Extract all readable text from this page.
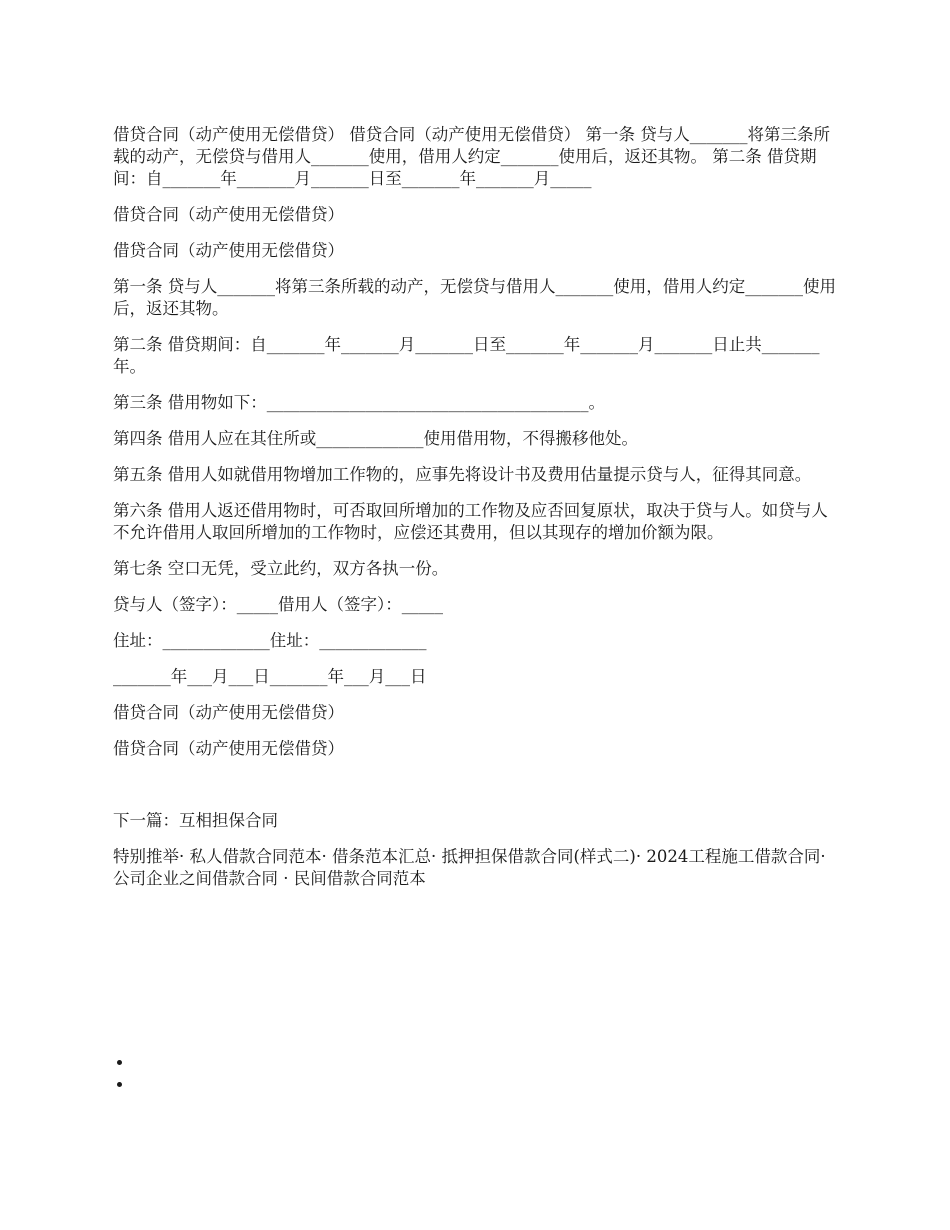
借贷合同（动产使用无偿借贷） 借贷合同（动产使用无偿借贷） 第一条 贷与人_______将第三条所载的动产，无偿贷与借用人_______使用，借用人约定_______使用后，返还其物。 第二条 借贷期间：自_______年_______月_______日至_______年_______月_____

借贷合同（动产使用无偿借贷）

借贷合同（动产使用无偿借贷）

第一条 贷与人_______将第三条所载的动产，无偿贷与借用人_______使用，借用人约定_______使用后，返还其物。

第二条 借贷期间：自_______年_______月_______日至_______年_______月_______日止共_______年。

第三条 借用物如下：_______________________________________。

第四条 借用人应在其住所或_____________使用借用物，不得搬移他处。

第五条 借用人如就借用物增加工作物的，应事先将设计书及费用估量提示贷与人，征得其同意。

第六条 借用人返还借用物时，可否取回所增加的工作物及应否回复原状，取决于贷与人。如贷与人不允许借用人取回所增加的工作物时，应偿还其费用，但以其现存的增加价额为限。

第七条 空口无凭，受立此约，双方各执一份。

贷与人（签字）：_____借用人（签字）：_____

住址：_____________住址：_____________

_______年___月___日_______年___月___日

借贷合同（动产使用无偿借贷）

借贷合同（动产使用无偿借贷）

下一篇：互相担保合同

特别推举· 私人借款合同范本· 借条范本汇总· 抵押担保借款合同(样式二)· 2024工程施工借款合同· 公司企业之间借款合同 · 民间借款合同范本
